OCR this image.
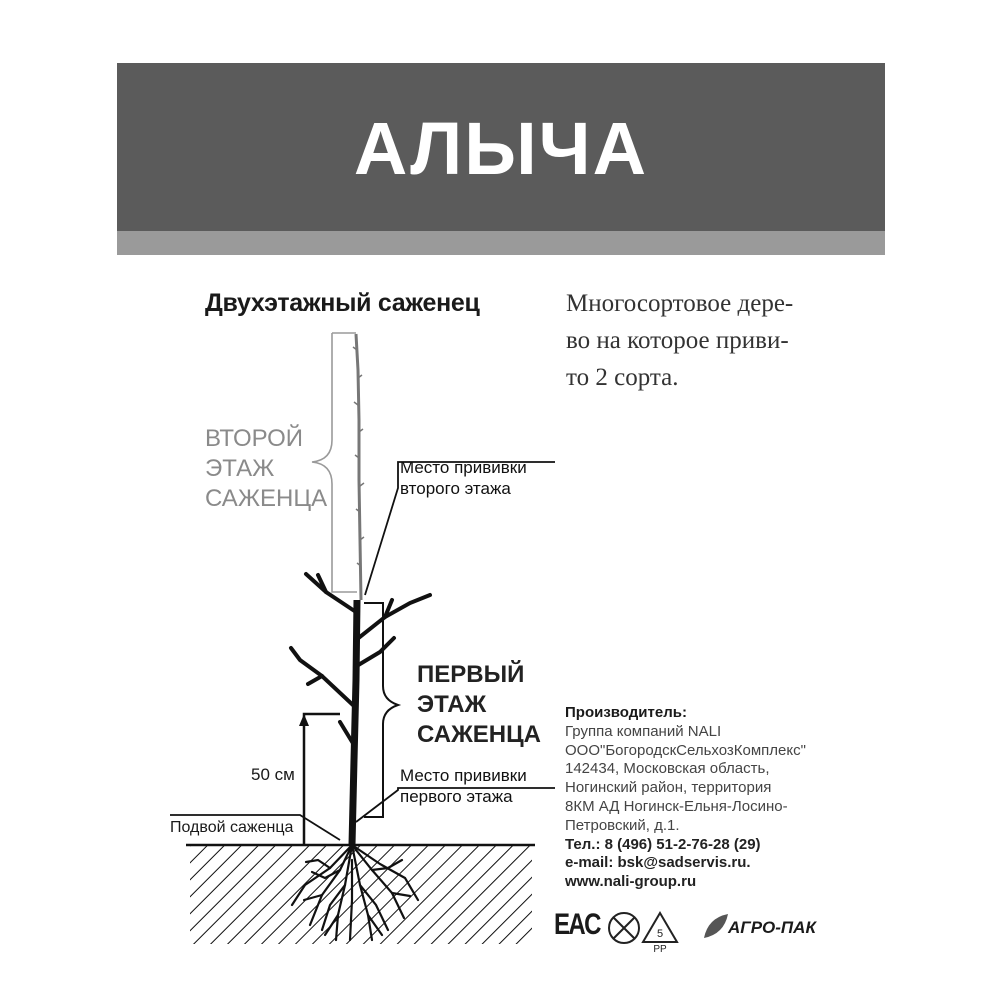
АЛЫЧА
Двухэтажный саженец	Многосортовое дере-
во на которое приви-
то 2 сорта.
5
PP
ВТОРОЙ
ЭТАЖ
САЖЕНЦА
ПЕРВЫЙ
ЭТАЖ
САЖЕНЦА
Место прививки
второго этажа
Место прививки
первого этажа
50 см
Подвой саженца
Производитель:
Группа компаний NALI
ООО"БогородскСельхозКомплекс"
142434, Московская область,
Ногинский район, территория
8КМ АД Ногинск-Ельня-Лосино-
Петровский, д.1.
Тел.: 8 (496) 51-2-76-28 (29)
e-mail: bsk@sadservis.ru.
www.nali-group.ru
EAC	АГРО-ПАК
